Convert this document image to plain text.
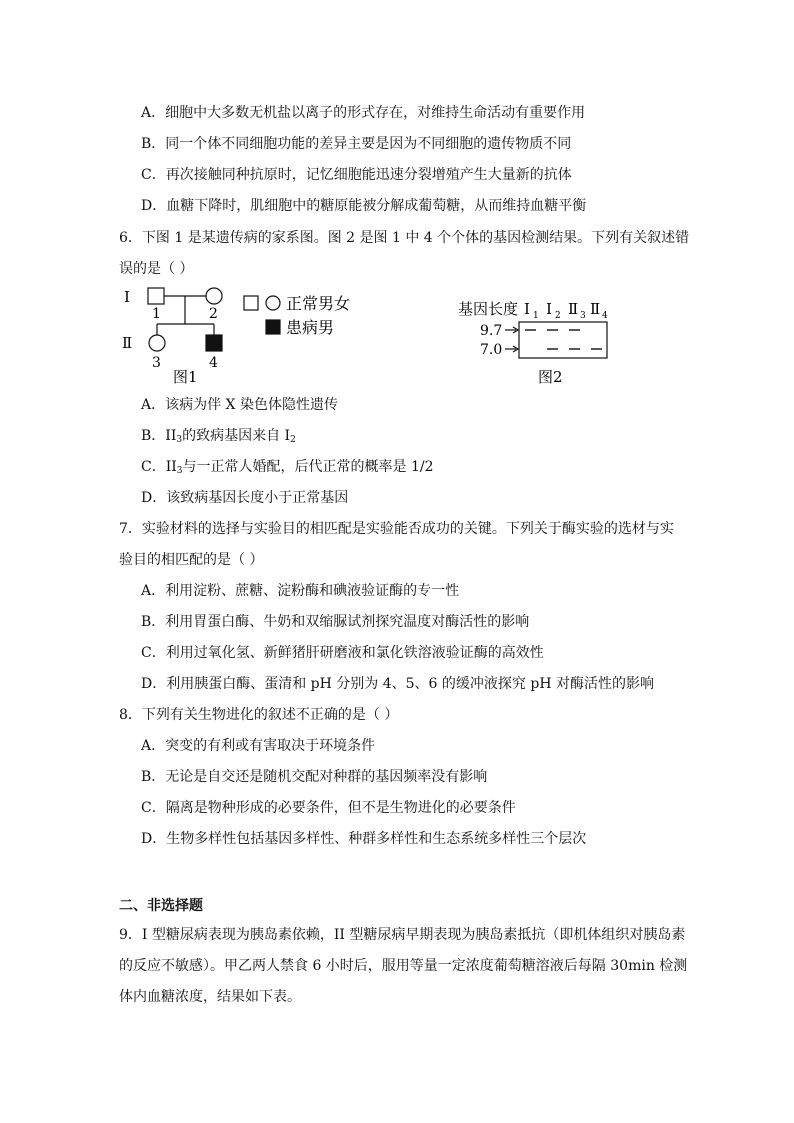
A．细胞中大多数无机盐以离子的形式存在，对维持生命活动有重要作用
B．同一个体不同细胞功能的差异主要是因为不同细胞的遗传物质不同
C．再次接触同种抗原时，记忆细胞能迅速分裂增殖产生大量新的抗体
D．血糖下降时，肌细胞中的糖原能被分解成葡萄糖，从而维持血糖平衡
6．下图 1 是某遗传病的家系图。图 2 是图 1 中 4 个个体的基因检测结果。下列有关叙述错
误的是（ ）
I
Ⅱ
1	2
3	4
图1
正常男女
患病男
基因长度 Ⅰ 1 Ⅰ 2 Ⅱ 3 Ⅱ 4
9.7
7.0
图2
A．该病为伴 X 染色体隐性遗传
B．$II_3$的致病基因来自 $I_2$
C．$II_3$与一正常人婚配，后代正常的概率是 1/2
D．该致病基因长度小于正常基因
7．实验材料的选择与实验目的相匹配是实验能否成功的关键。下列关于酶实验的选材与实
验目的相匹配的是（ ）
A．利用淀粉、蔗糖、淀粉酶和碘液验证酶的专一性
B．利用胃蛋白酶、牛奶和双缩脲试剂探究温度对酶活性的影响
C．利用过氧化氢、新鲜猪肝研磨液和氯化铁溶液验证酶的高效性
D．利用胰蛋白酶、蛋清和 pH 分别为 4、5、6 的缓冲液探究 pH 对酶活性的影响
8．下列有关生物进化的叙述不正确的是（ ）
A．突变的有利或有害取决于环境条件
B．无论是自交还是随机交配对种群的基因频率没有影响
C．隔离是物种形成的必要条件，但不是生物进化的必要条件
D．生物多样性包括基因多样性、种群多样性和生态系统多样性三个层次
二、非选择题
9．I 型糖尿病表现为胰岛素依赖，II 型糖尿病早期表现为胰岛素抵抗（即机体组织对胰岛素
的反应不敏感）。甲乙两人禁食 6 小时后，服用等量一定浓度葡萄糖溶液后每隔 30min 检测
体内血糖浓度，结果如下表。
